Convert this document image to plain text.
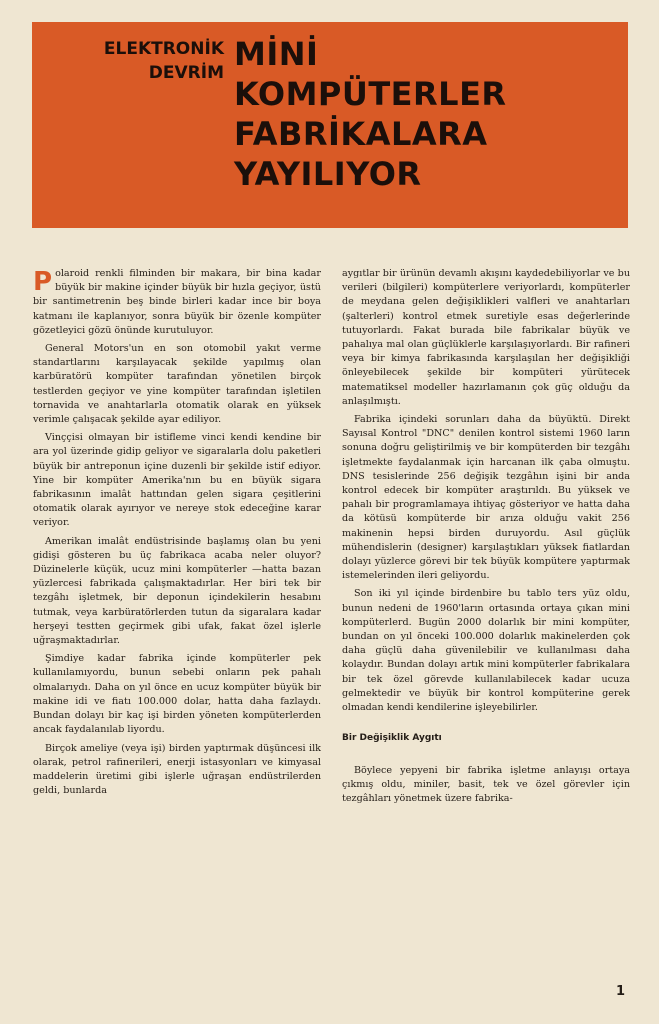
ELEKTRONİK
DEVRİM MİNİ
KOMPÜTERLER
FABRİKALARA
YAYILIYOR

Polaroid renkli filminden bir makara, bir bina kadar büyük bir makine içinder büyük bir hızla geçiyor, üstü bir santimetrenin beş binde birleri kadar ince bir boya katmanı ile kaplanıyor, sonra büyük bir özenle kompüter gözetleyici gözü önünde kurutuluyor.

General Motors'un en son otomobil yakıt verme standartlarını karşılayacak şekilde yapılmış olan karbüratörü kompüter tarafından yönetilen birçok testlerden geçiyor ve yine kompüter tarafından işletilen tornavida ve anahtarlarla otomatik olarak en yüksek verimle çalışacak şekilde ayar ediliyor.

Vinççisi olmayan bir istifleme vinci kendi kendine bir ara yol üzerinde gidip geliyor ve sigaralarla dolu paketleri büyük bir antreponun içine duzenli bir şekilde istif ediyor. Yine bir kompüter Amerika'nın bu en büyük sigara fabrikasının imalât hattından gelen sigara çeşitlerini otomatik olarak ayırıyor ve nereye stok edeceğine karar veriyor.

Amerikan imalât endüstrisinde başlamış olan bu yeni gidişi gösteren bu üç fabrikaca acaba neler oluyor? Düzinelerle küçük, ucuz mini kompüterler —hatta bazan yüzlercesi fabrikada çalışmaktadırlar. Her biri tek bir tezgâhı işletmek, bir deponun içindekilerin hesabını tutmak, veya karbüratörlerden tutun da sigaralara kadar herşeyi testten geçirmek gibi ufak, fakat özel işlerle uğraşmaktadırlar.

Şimdiye kadar fabrika içinde kompüterler pek kullanılamıyordu, bunun sebebi onların pek pahalı olmalarıydı. Daha on yıl önce en ucuz kompüter büyük bir makine idi ve fiatı 100.000 dolar, hatta daha fazlaydı. Bundan dolayı bir kaç işi birden yöneten kompüterlerden ancak faydalanılab liyordu.

Birçok ameliye (veya işi) birden yaptırmak düşüncesi ilk olarak, petrol rafinerileri, enerji istasyonları ve kimyasal maddelerin üretimi gibi işlerle uğraşan endüstrilerden geldi, bunlarda

aygıtlar bir ürünün devamlı akışını kaydedebiliyorlar ve bu verileri (bilgileri) kompüterlere veriyorlardı, kompüterler de meydana gelen değişiklikleri valfleri ve anahtarları (şalterleri) kontrol etmek suretiyle esas değerlerinde tutuyorlardı. Fakat burada bile fabrikalar büyük ve pahalıya mal olan güçlüklerle karşılaşıyorlardı. Bir rafineri veya bir kimya fabrikasında karşılaşılan her değişikliği önleyebilecek şekilde bir kompüteri yürütecek matematiksel modeller hazırlamanın çok güç olduğu da anlaşılmıştı.

Fabrika içindeki sorunları daha da büyüktü. Direkt Sayısal Kontrol "DNC" denilen kontrol sistemi 1960 ların sonuna doğru geliştirilmiş ve bir kompüterden bir tezgâhı işletmekte faydalanmak için harcanan ilk çaba olmuştu. DNS tesislerinde 256 değişik tezgâhın işini bir anda kontrol edecek bir kompüter araştırıldı. Bu yüksek ve pahalı bir programlamaya ihtiyaç gösteriyor ve hatta daha da kötüsü kompüterde bir arıza olduğu vakit 256 makinenin hepsi birden duruyordu. Asıl güçlük mühendislerin (designer) karşılaştıkları yüksek fiatlardan dolayı yüzlerce görevi bir tek büyük kompütere yaptırmak istemelerinden ileri geliyordu.

Son iki yıl içinde birdenbire bu tablo ters yüz oldu, bunun nedeni de 1960'ların ortasında ortaya çıkan mini kompüterlerd. Bugün 2000 dolarlık bir mini kompüter, bundan on yıl önceki 100.000 dolarlık makinelerden çok daha güçlü daha güvenilebilir ve kullanılması daha kolaydır. Bundan dolayı artık mini kompüterler fabrikalara bir tek özel görevde kullanılabilecek kadar ucuza gelmektedir ve büyük bir kontrol kompüterine gerek olmadan kendi kendilerine işleyebilirler.

Bir Değişiklik Aygıtı

Böylece yepyeni bir fabrika işletme anlayışı ortaya çıkmış oldu, miniler, basit, tek ve özel görevler için tezgâhları yönetmek üzere fabrika-

1
